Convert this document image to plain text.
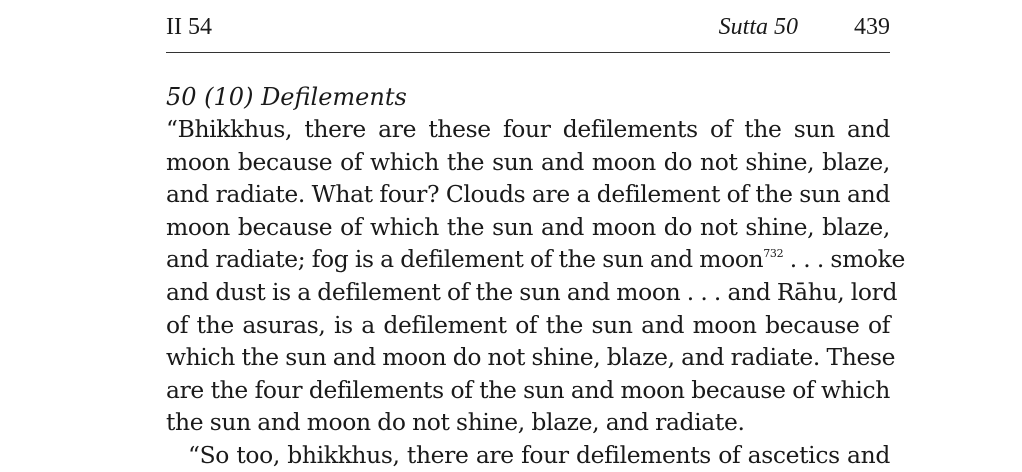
II 54	Sutta 50 439
50 (10) Defilements
“Bhikkhus, there are these four defilements of the sun and
moon because of which the sun and moon do not shine, blaze,
and radiate. What four? Clouds are a defilement of the sun and
moon because of which the sun and moon do not shine, blaze,
and radiate; fog is a defilement of the sun and moon$^{732}$ . . . smoke
and dust is a defilement of the sun and moon . . . and Rāhu, lord
of the asuras, is a defilement of the sun and moon because of
which the sun and moon do not shine, blaze, and radiate. These
are the four defilements of the sun and moon because of which
the sun and moon do not shine, blaze, and radiate.
“So too, bhikkhus, there are four defilements of ascetics and
